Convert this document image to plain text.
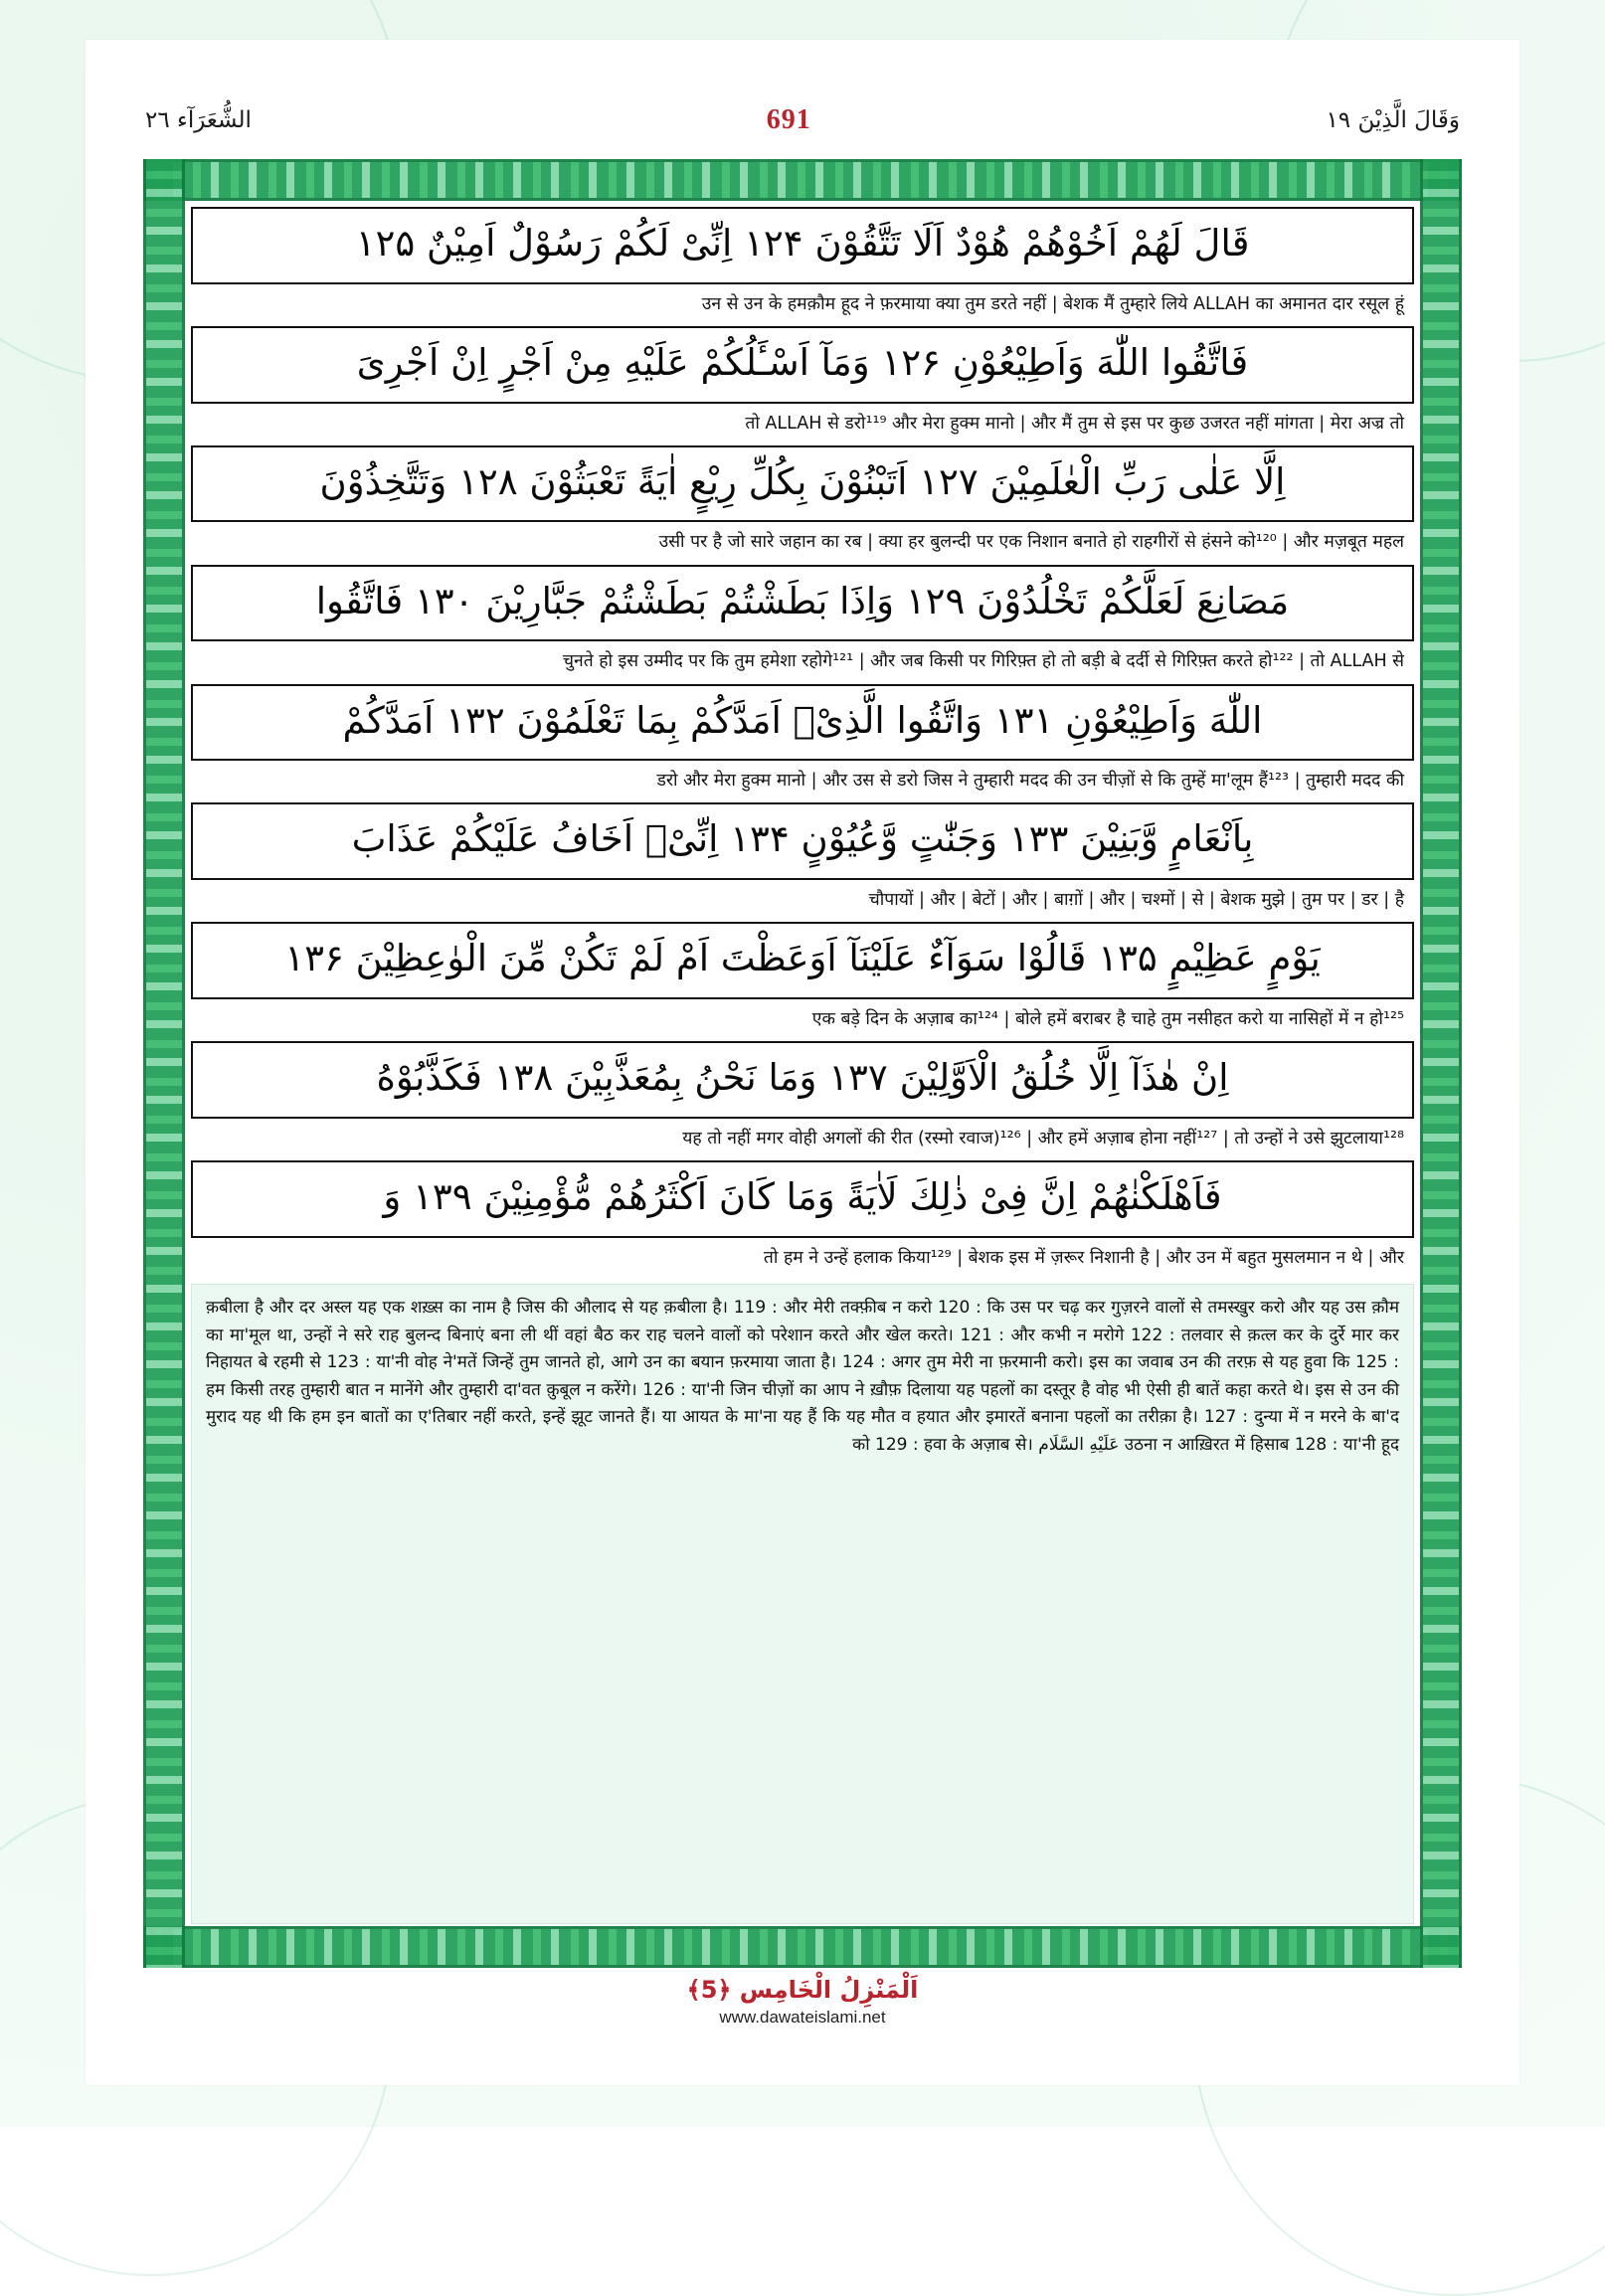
الشُّعَرَآء ٢٦	691	وَقَالَ الَّذِيْنَ ١٩
قَالَ لَهُمْ اَخُوْهُمْ هُوْدٌ اَلَا تَتَّقُوْنَ ۱۲۴ اِنِّیْ لَكُمْ رَسُوْلٌ اَمِيْنٌ ۱۲۵
उन से उन के हमक़ौम हूद ने फ़रमाया क्या तुम डरते नहीं | बेशक मैं तुम्हारे लिये ALLAH का अमानत दार रसूल हूं
فَاتَّقُوا اللّٰهَ وَاَطِيْعُوْنِ ۱۲۶ وَمَآ اَسْـَٔلُكُمْ عَلَيْهِ مِنْ اَجْرٍ اِنْ اَجْرِیَ
तो ALLAH से डरो¹¹⁹ और मेरा हुक्म मानो | और मैं तुम से इस पर कुछ उजरत नहीं मांगता | मेरा अज्र तो
اِلَّا عَلٰى رَبِّ الْعٰلَمِيْنَ ۱۲۷ اَتَبْنُوْنَ بِكُلِّ رِيْعٍ اٰيَةً تَعْبَثُوْنَ ۱۲۸ وَتَتَّخِذُوْنَ
उसी पर है जो सारे जहान का रब | क्या हर बुलन्दी पर एक निशान बनाते हो राहगीरों से हंसने को¹²⁰ | और मज़बूत महल
مَصَانِعَ لَعَلَّكُمْ تَخْلُدُوْنَ ۱۲۹ وَاِذَا بَطَشْتُمْ بَطَشْتُمْ جَبَّارِيْنَ ۱۳۰ فَاتَّقُوا
चुनते हो इस उम्मीद पर कि तुम हमेशा रहोगे¹²¹ | और जब किसी पर गिरिफ़्त हो तो बड़ी बे दर्दी से गिरिफ़्त करते हो¹²² | तो ALLAH से
اللّٰهَ وَاَطِيْعُوْنِ ۱۳۱ وَاتَّقُوا الَّذِیْۤ اَمَدَّكُمْ بِمَا تَعْلَمُوْنَ ۱۳۲ اَمَدَّكُمْ
डरो और मेरा हुक्म मानो | और उस से डरो जिस ने तुम्हारी मदद की उन चीज़ों से कि तुम्हें मा'लूम हैं¹²³ | तुम्हारी मदद की
بِاَنْعَامٍ وَّبَنِيْنَ ۱۳۳ وَجَنّٰتٍ وَّعُيُوْنٍ ۱۳۴ اِنِّیْۤ اَخَافُ عَلَيْكُمْ عَذَابَ
चौपायों | और | बेटों | और | बाग़ों | और | चश्मों | से | बेशक मुझे | तुम पर | डर | है
يَوْمٍ عَظِيْمٍ ۱۳۵ قَالُوْا سَوَآءٌ عَلَيْنَآ اَوَعَظْتَ اَمْ لَمْ تَكُنْ مِّنَ الْوٰعِظِيْنَ ۱۳۶
एक बड़े दिन के अज़ाब का¹²⁴ | बोले हमें बराबर है चाहे तुम नसीहत करो या नासिहों में न हो¹²⁵
اِنْ هٰذَآ اِلَّا خُلُقُ الْاَوَّلِيْنَ ۱۳۷ وَمَا نَحْنُ بِمُعَذَّبِيْنَ ۱۳۸ فَكَذَّبُوْهُ
यह तो नहीं मगर वोही अगलों की रीत (रस्मो रवाज)¹²⁶ | और हमें अज़ाब होना नहीं¹²⁷ | तो उन्हों ने उसे झुटलाया¹²⁸
فَاَهْلَكْنٰهُمْ اِنَّ فِیْ ذٰلِكَ لَاٰيَةً وَمَا كَانَ اَكْثَرُهُمْ مُّؤْمِنِيْنَ ۱۳۹ وَ
तो हम ने उन्हें हलाक किया¹²⁹ | बेशक इस में ज़रूर निशानी है | और उन में बहुत मुसलमान न थे | और
क़बीला है और दर अस्ल यह एक शख़्स का नाम है जिस की औलाद से यह क़बीला है। 119 : और मेरी तक्फ़ीब न करो 120 : कि उस पर चढ़ कर गुज़रने वालों से तमस्खुर करो और यह उस क़ौम का मा'मूल था, उन्हों ने सरे राह बुलन्द बिनाएं बना ली थीं वहां बैठ कर राह चलने वालों को परेशान करते और खेल करते। 121 : और कभी न मरोगे 122 : तलवार से क़त्ल कर के दुर्रे मार कर निहायत बे रहमी से 123 : या'नी वोह ने'मतें जिन्हें तुम जानते हो, आगे उन का बयान फ़रमाया जाता है। 124 : अगर तुम मेरी ना फ़रमानी करो। इस का जवाब उन की तरफ़ से यह हुवा कि 125 : हम किसी तरह तुम्हारी बात न मानेंगे और तुम्हारी दा'वत क़ुबूल न करेंगे। 126 : या'नी जिन चीज़ों का आप ने ख़ौफ़ दिलाया यह पहलों का दस्तूर है वोह भी ऐसी ही बातें कहा करते थे। इस से उन की मुराद यह थी कि हम इन बातों का ए'तिबार नहीं करते, इन्हें झूट जानते हैं। या आयत के मा'ना यह हैं कि यह मौत व हयात और इमारतें बनाना पहलों का तरीक़ा है। 127 : दुन्या में न मरने के बा'द उठना न आख़िरत में हिसाब 128 : या'नी हूद عَلَيْهِ السَّلَام को 129 : हवा के अज़ाब से।
اَلْمَنْزِلُ الْخَامِس ﴿5﴾
www.dawateislami.net
